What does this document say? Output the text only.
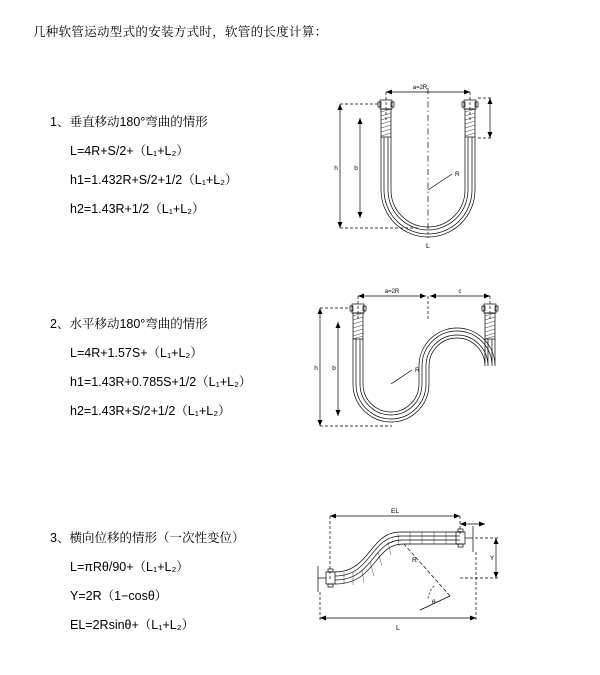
几种软管运动型式的安装方式时，软管的长度计算：
1、垂直移动180°弯曲的情形
L=4R+S/2+（L₁+L₂）
h1=1.432R+S/2+1/2（L₁+L₂）
h2=1.43R+1/2（L₁+L₂）
a=2R
R
L
h	b
2、水平移动180°弯曲的情形
L=4R+1.57S+（L₁+L₂）
h1=1.43R+0.785S+1/2（L₁+L₂）
h2=1.43R+S/2+1/2（L₁+L₂）
a=2R	c
R
h b
3、横向位移的情形（一次性变位）
L=πRθ/90+（L₁+L₂）
Y=2R（1−cosθ）
EL=2Rsinθ+（L₁+L₂）
EL
θ
R	Y
L
